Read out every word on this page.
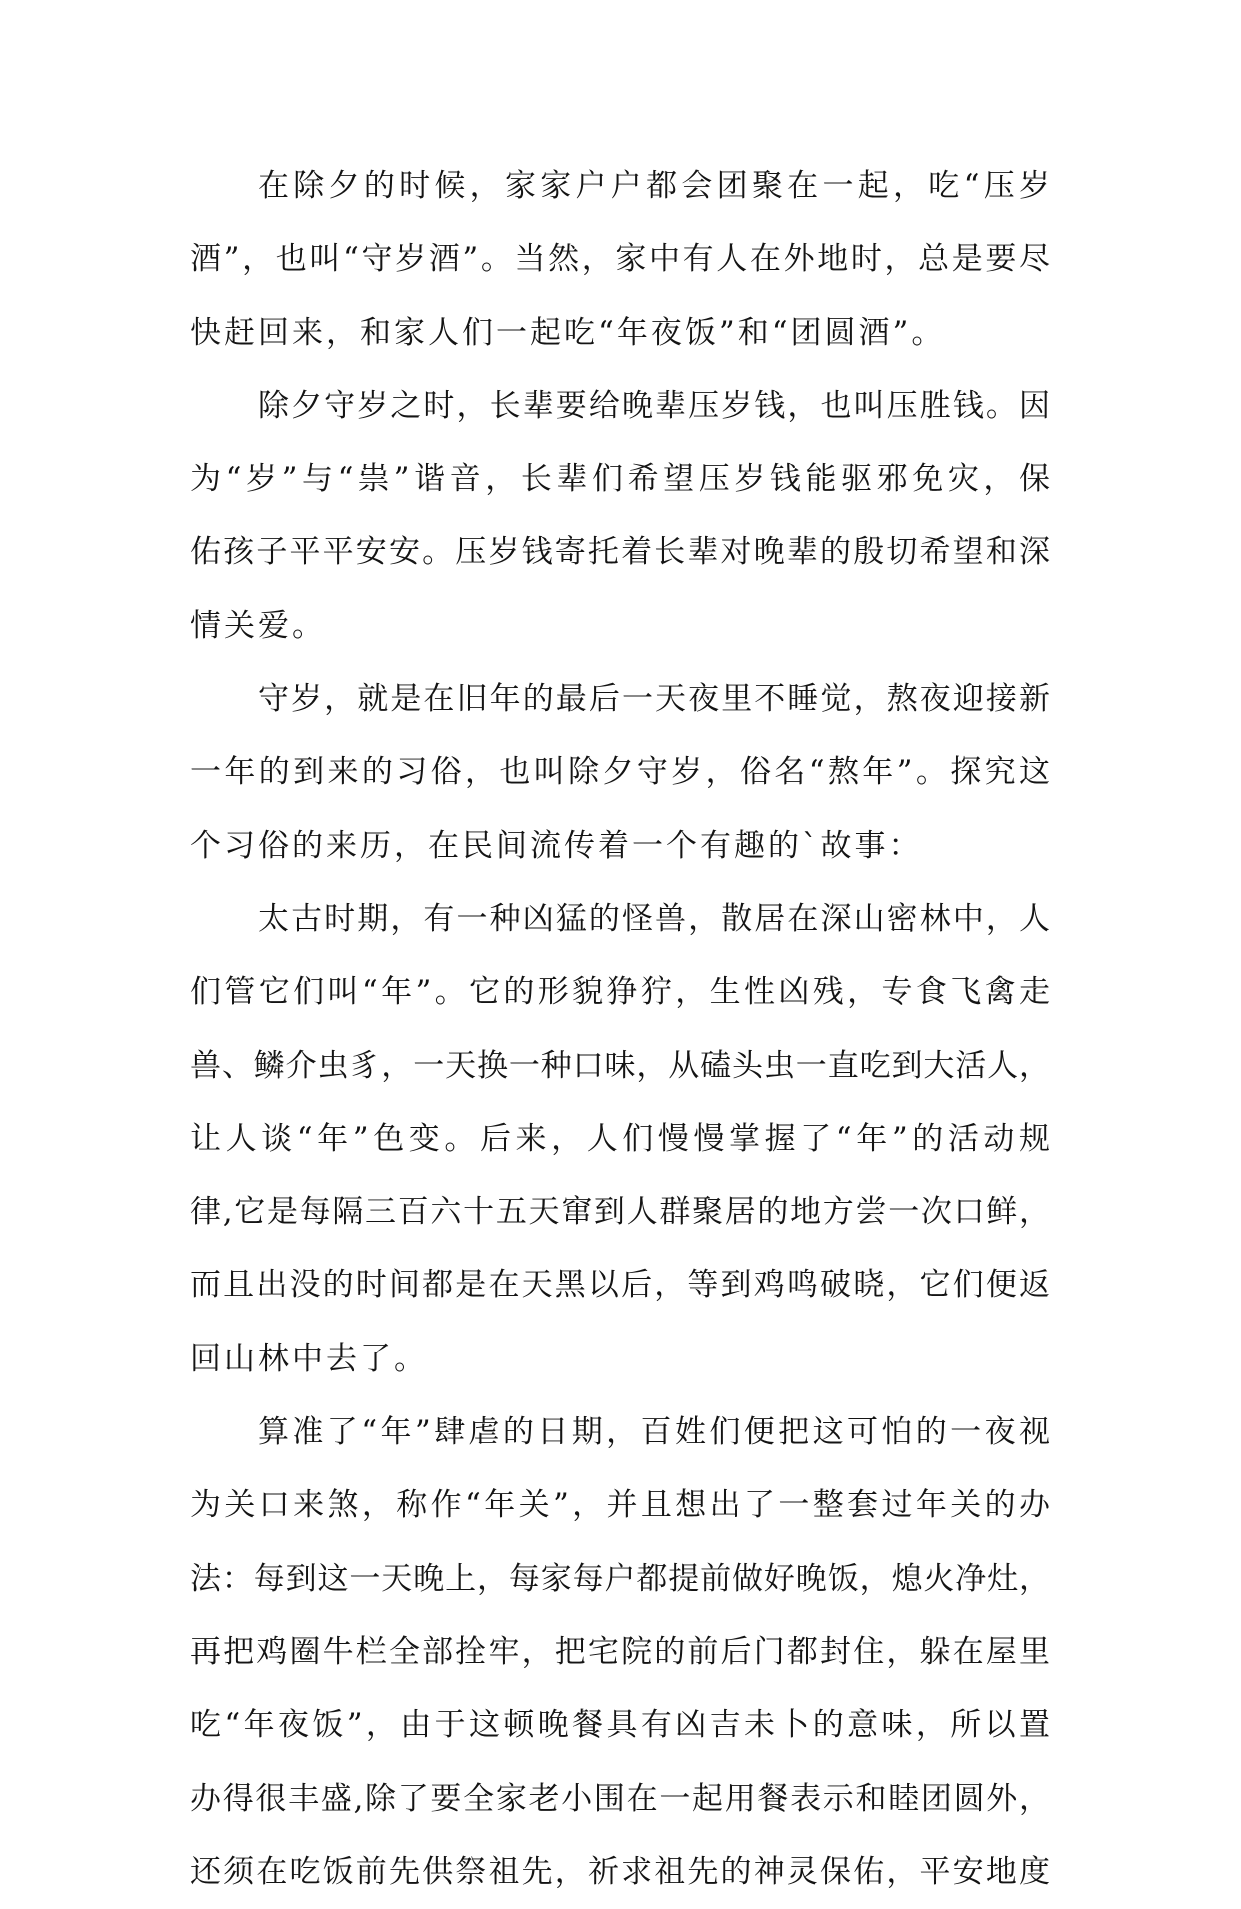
在除夕的时候，家家户户都会团聚在一起，吃“压岁
酒”，也叫“守岁酒”。当然，家中有人在外地时，总是要尽
快赶回来，和家人们一起吃“年夜饭”和“团圆酒”。
除夕守岁之时，长辈要给晚辈压岁钱，也叫压胜钱。因
为“岁”与“祟”谐音，长辈们希望压岁钱能驱邪免灾，保
佑孩子平平安安。压岁钱寄托着长辈对晚辈的殷切希望和深
情关爱。
守岁，就是在旧年的最后一天夜里不睡觉，熬夜迎接新
一年的到来的习俗，也叫除夕守岁，俗名“熬年”。探究这
个习俗的来历，在民间流传着一个有趣的`故事：
太古时期，有一种凶猛的怪兽，散居在深山密林中，人
们管它们叫“年”。它的形貌狰狞，生性凶残，专食飞禽走
兽、鳞介虫豸，一天换一种口味，从磕头虫一直吃到大活人，
让人谈“年”色变。后来，人们慢慢掌握了“年”的活动规
律,它是每隔三百六十五天窜到人群聚居的地方尝一次口鲜，
而且出没的时间都是在天黑以后，等到鸡鸣破晓，它们便返
回山林中去了。
算准了“年”肆虐的日期，百姓们便把这可怕的一夜视
为关口来煞，称作“年关”，并且想出了一整套过年关的办
法：每到这一天晚上，每家每户都提前做好晚饭，熄火净灶，
再把鸡圈牛栏全部拴牢，把宅院的前后门都封住，躲在屋里
吃“年夜饭”，由于这顿晚餐具有凶吉未卜的意味，所以置
办得很丰盛,除了要全家老小围在一起用餐表示和睦团圆外，
还须在吃饭前先供祭祖先，祈求祖先的神灵保佑，平安地度
